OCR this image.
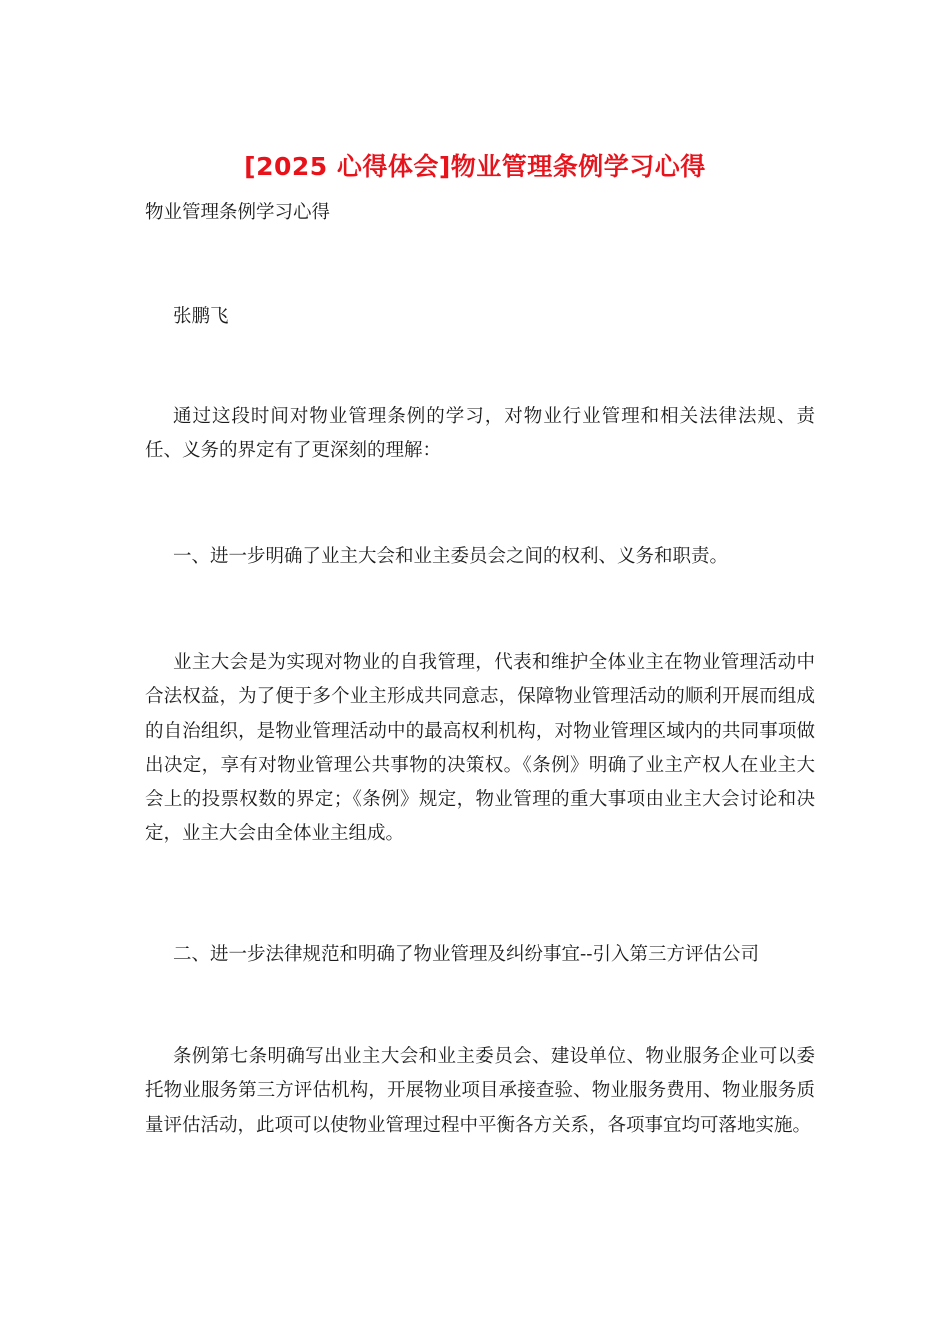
[2025 心得体会]物业管理条例学习心得

物业管理条例学习心得

张鹏飞

通过这段时间对物业管理条例的学习，对物业行业管理和相关法律法规、责任、义务的界定有了更深刻的理解：

一、进一步明确了业主大会和业主委员会之间的权利、义务和职责。

业主大会是为实现对物业的自我管理，代表和维护全体业主在物业管理活动中合法权益，为了便于多个业主形成共同意志，保障物业管理活动的顺利开展而组成的自治组织，是物业管理活动中的最高权利机构，对物业管理区域内的共同事项做出决定，享有对物业管理公共事物的决策权。《条例》明确了业主产权人在业主大会上的投票权数的界定；《条例》规定，物业管理的重大事项由业主大会讨论和决定，业主大会由全体业主组成。

二、进一步法律规范和明确了物业管理及纠纷事宜--引入第三方评估公司

条例第七条明确写出业主大会和业主委员会、建设单位、物业服务企业可以委托物业服务第三方评估机构，开展物业项目承接查验、物业服务费用、物业服务质量评估活动，此项可以使物业管理过程中平衡各方关系，各项事宜均可落地实施。
